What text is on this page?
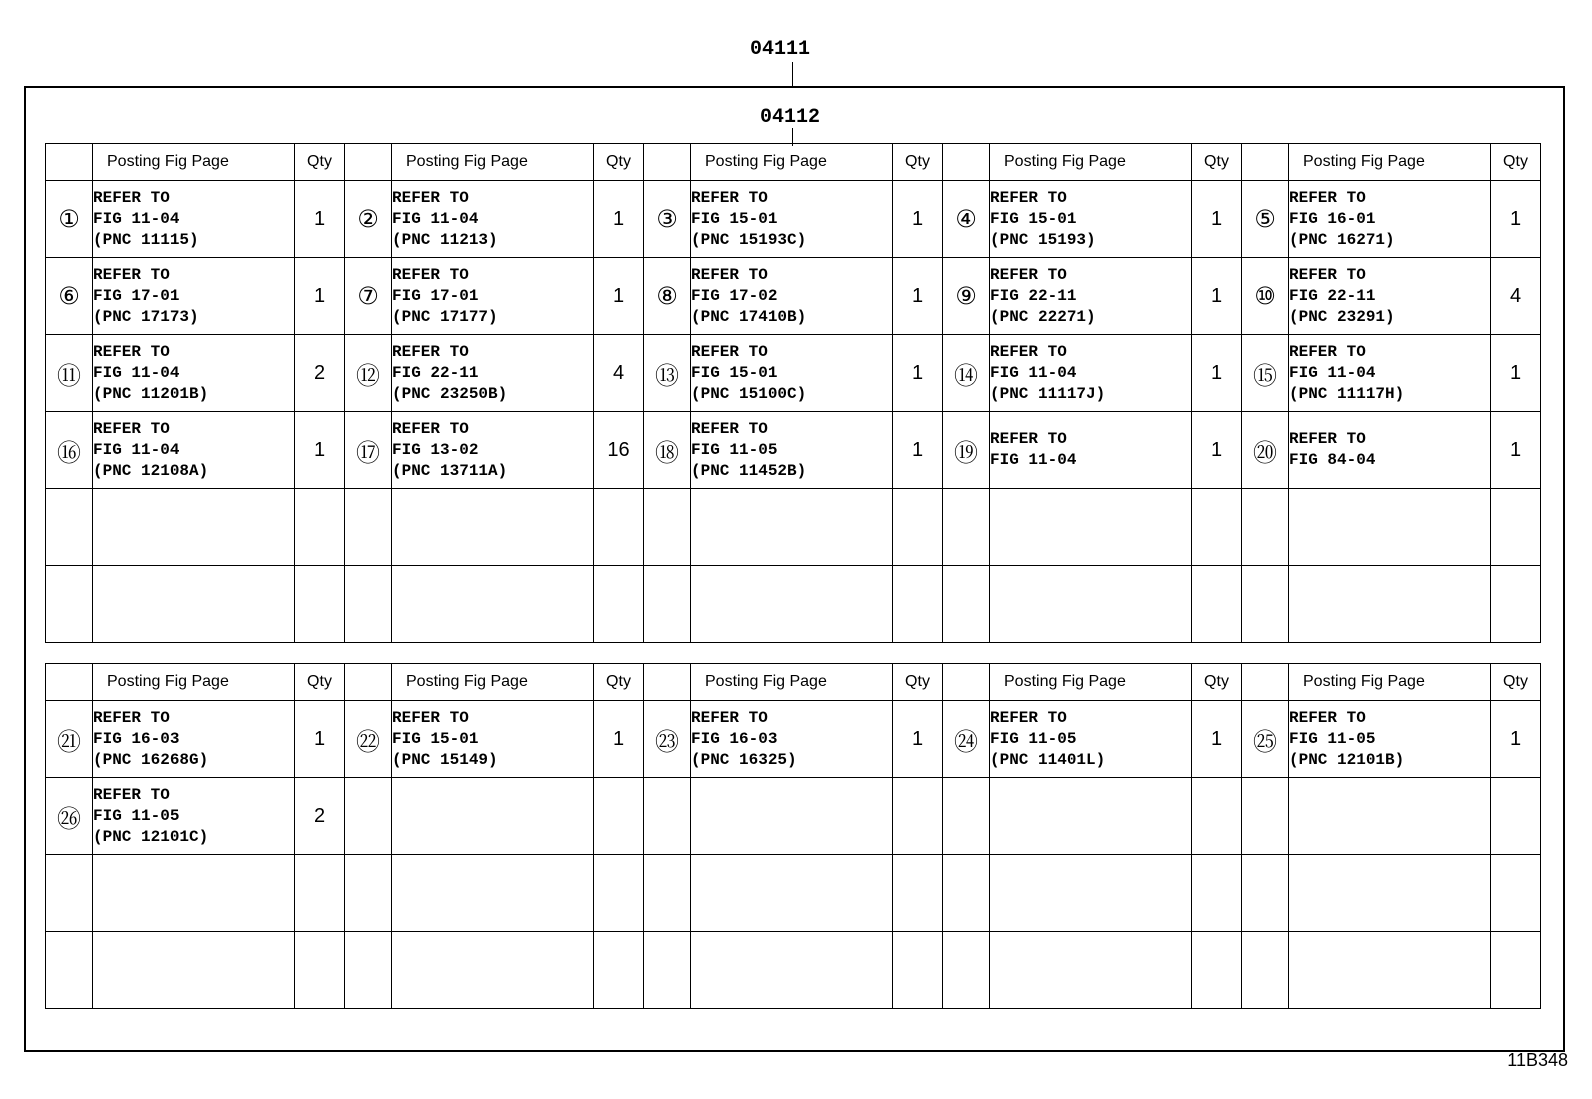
04111
04112
	Posting Fig Page	Qty		Posting Fig Page	Qty		Posting Fig Page	Qty		Posting Fig Page	Qty		Posting Fig Page	Qty
①	REFER TO
FIG 11-04
(PNC 11115)	1	②	REFER TO
FIG 11-04
(PNC 11213)	1	③	REFER TO
FIG 15-01
(PNC 15193C)	1	④	REFER TO
FIG 15-01
(PNC 15193)	1	⑤	REFER TO
FIG 16-01
(PNC 16271)	1
⑥	REFER TO
FIG 17-01
(PNC 17173)	1	⑦	REFER TO
FIG 17-01
(PNC 17177)	1	⑧	REFER TO
FIG 17-02
(PNC 17410B)	1	⑨	REFER TO
FIG 22-11
(PNC 22271)	1	⑩	REFER TO
FIG 22-11
(PNC 23291)	4
⑪	REFER TO
FIG 11-04
(PNC 11201B)	2	⑫	REFER TO
FIG 22-11
(PNC 23250B)	4	⑬	REFER TO
FIG 15-01
(PNC 15100C)	1	⑭	REFER TO
FIG 11-04
(PNC 11117J)	1	⑮	REFER TO
FIG 11-04
(PNC 11117H)	1
⑯	REFER TO
FIG 11-04
(PNC 12108A)	1	⑰	REFER TO
FIG 13-02
(PNC 13711A)	16	⑱	REFER TO
FIG 11-05
(PNC 11452B)	1	⑲	REFER TO
FIG 11-04	1	⑳	REFER TO
FIG 84-04	1

	Posting Fig Page	Qty		Posting Fig Page	Qty		Posting Fig Page	Qty		Posting Fig Page	Qty		Posting Fig Page	Qty
㉑	REFER TO
FIG 16-03
(PNC 16268G)	1	㉒	REFER TO
FIG 15-01
(PNC 15149)	1	㉓	REFER TO
FIG 16-03
(PNC 16325)	1	㉔	REFER TO
FIG 11-05
(PNC 11401L)	1	㉕	REFER TO
FIG 11-05
(PNC 12101B)	1
㉖	REFER TO
FIG 11-05
(PNC 12101C)	2												

11B348
